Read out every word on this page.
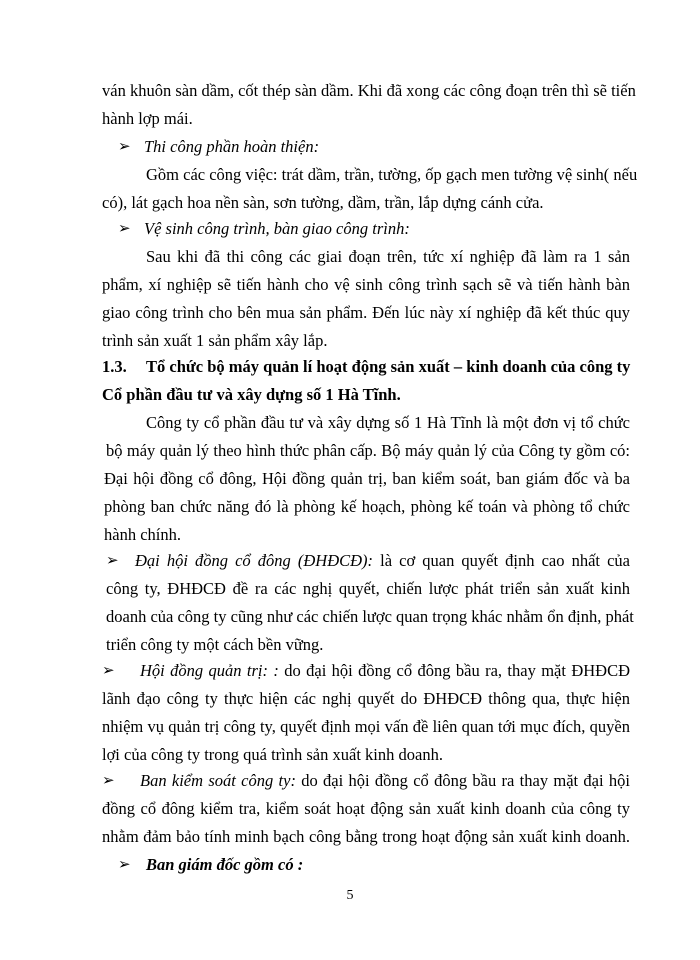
ván khuôn sàn dầm, cốt thép sàn dầm. Khi đã xong các công đoạn trên thì sẽ tiến
hành lợp mái.
➢ Thi công phần hoàn thiện:
Gồm các công việc: trát dầm, trần, tường, ốp gạch men tường vệ sinh( nếu
có), lát gạch hoa nền sàn, sơn tường, dầm, trần, lắp dựng cánh cửa.
➢ Vệ sinh công trình, bàn giao công trình:
Sau khi đã thi công các giai đoạn trên, tức xí nghiệp đã làm ra 1 sản
phẩm, xí nghiệp sẽ tiến hành cho vệ sinh công trình sạch sẽ và tiến hành bàn
giao công trình cho bên mua sản phẩm. Đến lúc này xí nghiệp đã kết thúc quy
trình sản xuất 1 sản phẩm xây lắp.
1.3. Tổ chức bộ máy quản lí hoạt động sản xuất – kinh doanh của công ty
Cổ phần đầu tư và xây dựng số 1 Hà Tĩnh.
Công ty cổ phần đầu tư và xây dựng số 1 Hà Tĩnh là một đơn vị tổ chức
bộ máy quản lý theo hình thức phân cấp. Bộ máy quản lý của Công ty gồm có:
Đại hội đồng cổ đông, Hội đồng quản trị, ban kiểm soát, ban giám đốc và ba
phòng ban chức năng đó là phòng kế hoạch, phòng kế toán và phòng tổ chức
hành chính.
➢ Đại hội đồng cổ đông (ĐHĐCĐ): là cơ quan quyết định cao nhất của
công ty, ĐHĐCĐ đề ra các nghị quyết, chiến lược phát triển sản xuất kinh
doanh của công ty cũng như các chiến lược quan trọng khác nhằm ổn định, phát
triển công ty một cách bền vững.
➢ Hội đồng quản trị: : do đại hội đồng cổ đông bầu ra, thay mặt ĐHĐCĐ
lãnh đạo công ty thực hiện các nghị quyết do ĐHĐCĐ thông qua, thực hiện
nhiệm vụ quản trị công ty, quyết định mọi vấn đề liên quan tới mục đích, quyền
lợi của công ty trong quá trình sản xuất kinh doanh.
➢ Ban kiểm soát công ty: do đại hội đồng cổ đông bầu ra thay mặt đại hội
đồng cổ đông kiểm tra, kiểm soát hoạt động sản xuất kinh doanh của công ty
nhằm đảm bảo tính minh bạch công bằng trong hoạt động sản xuất kinh doanh.
➢ Ban giám đốc gồm có :
5
